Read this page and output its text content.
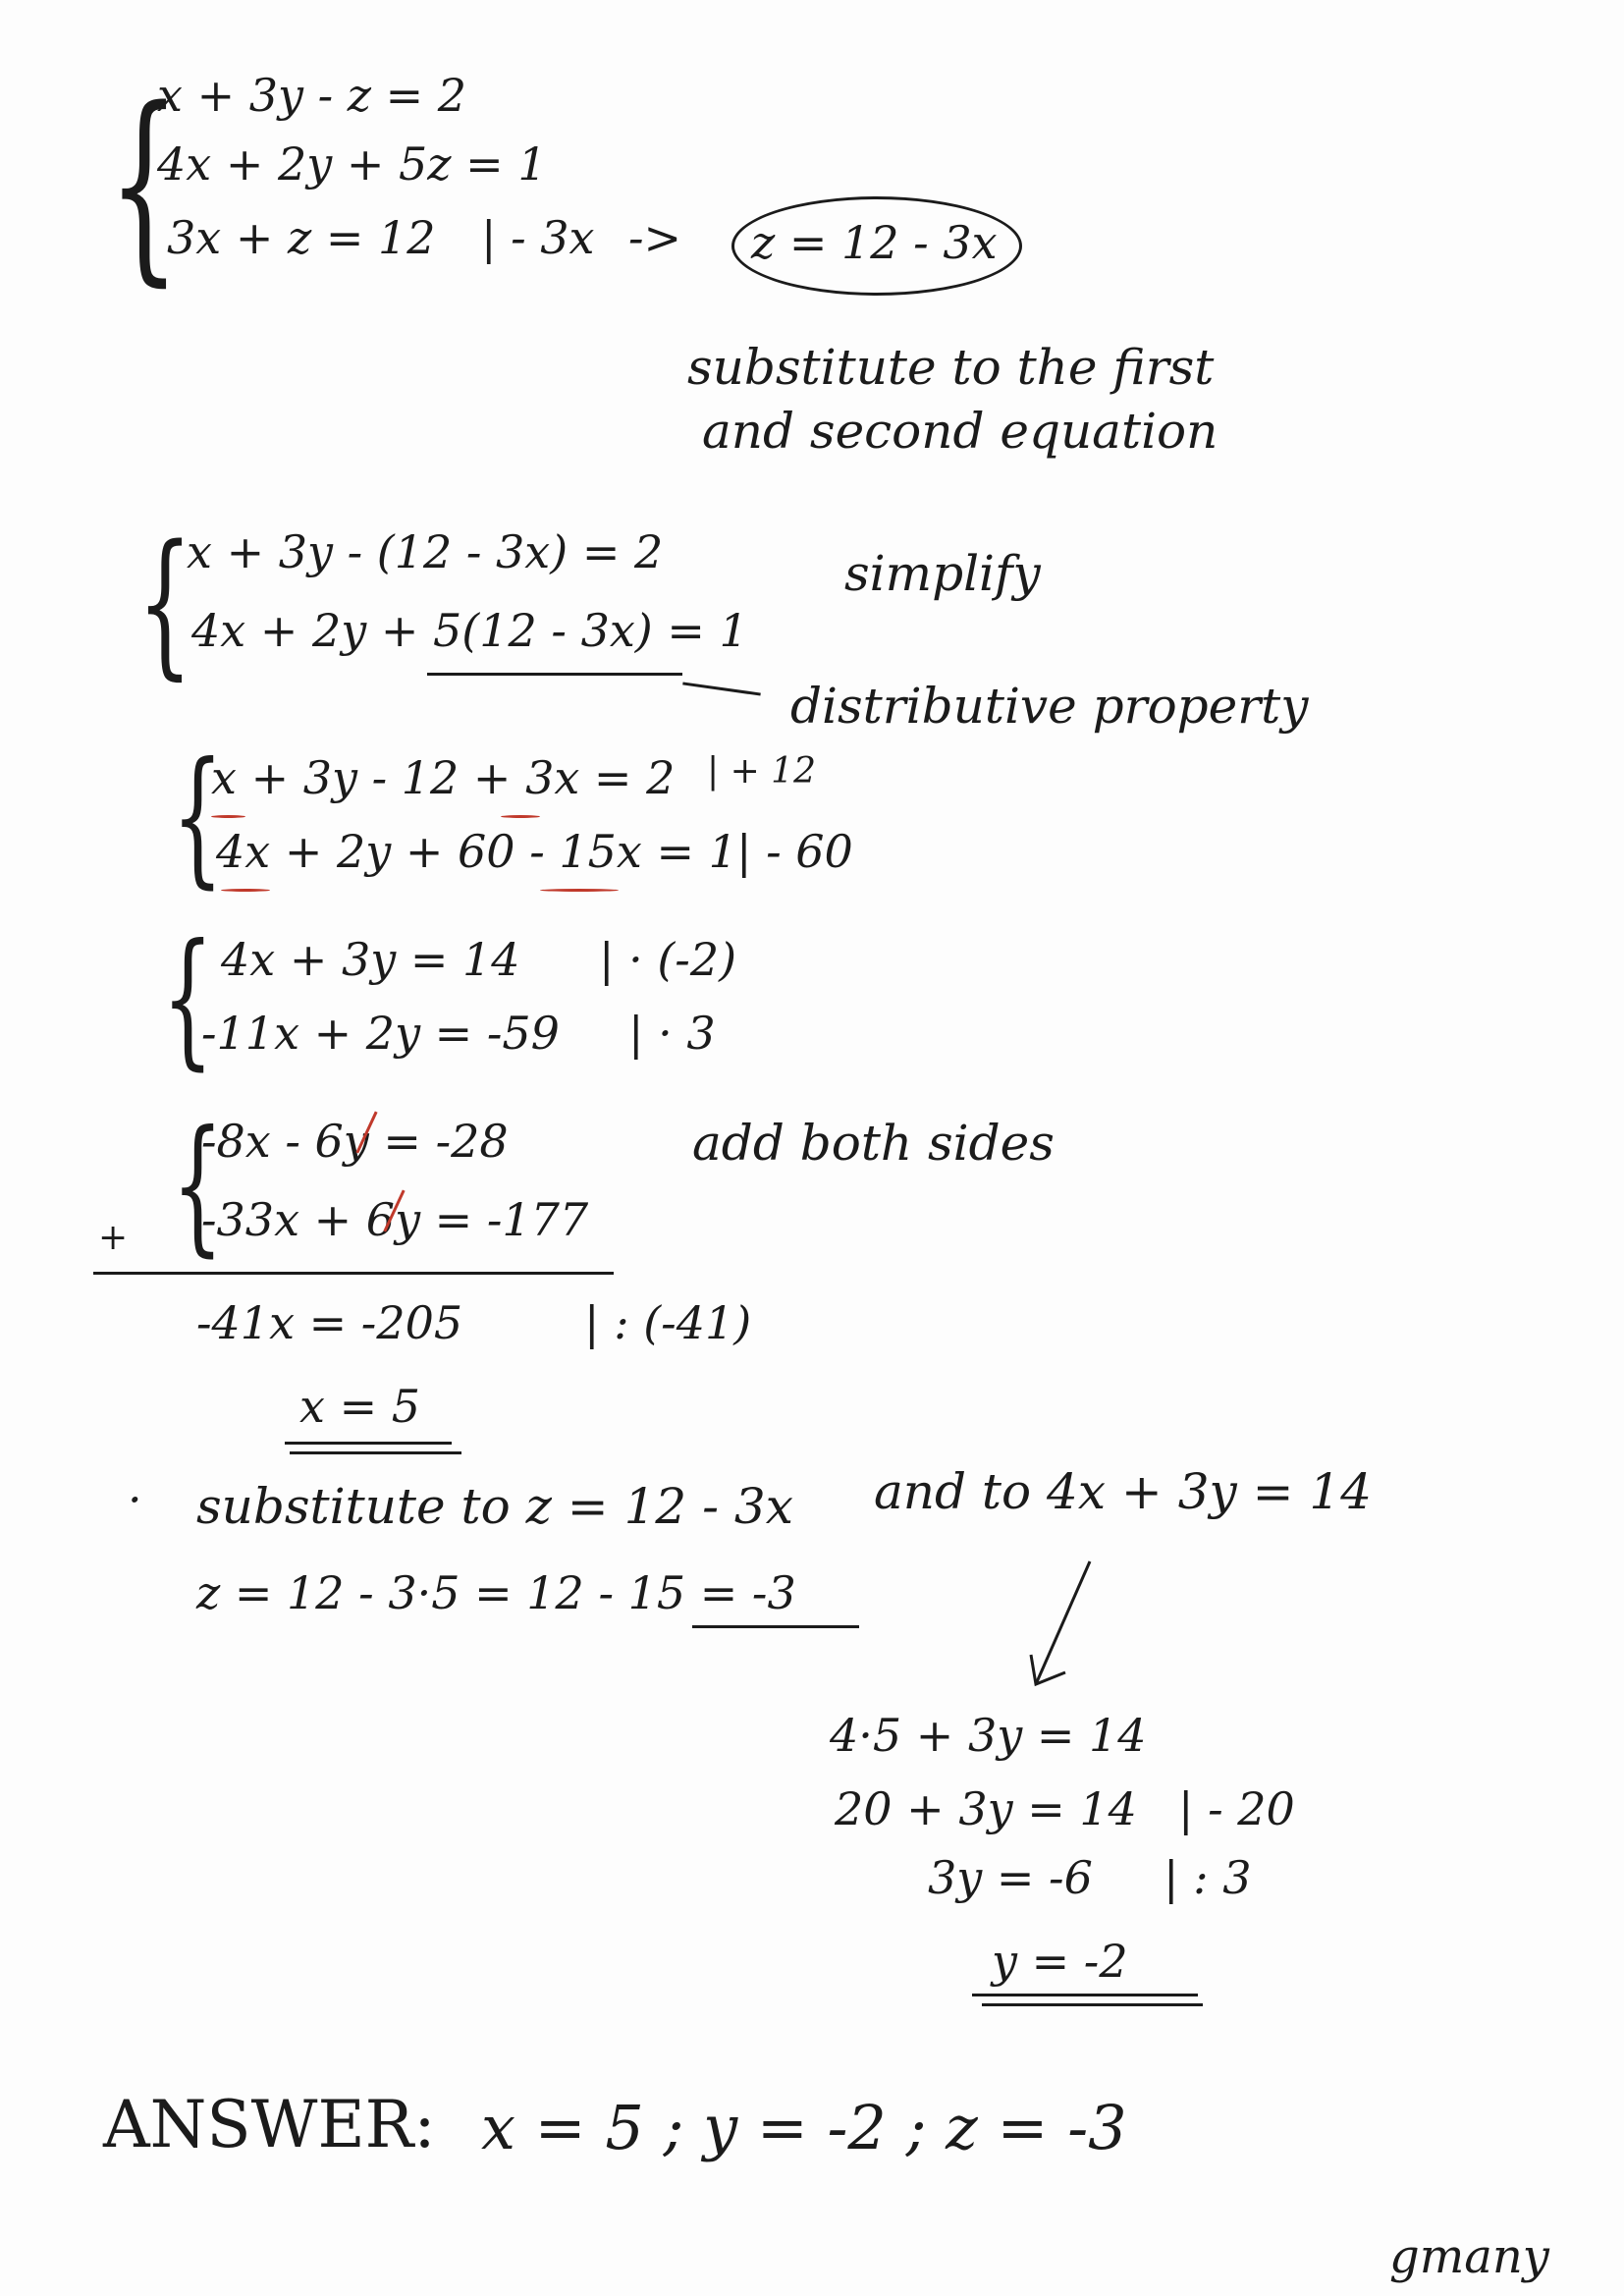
{
x + 3y - z = 2
4x + 2y + 5z = 1
3x + z = 12 | - 3x -> z = 12 - 3x
substitute to the first
and second equation
{
x + 3y - (12 - 3x) = 2
4x + 2y + 5(12 - 3x) = 1
simplify
distributive property
{
x + 3y - 12 + 3x = 2 | + 12
4x + 2y + 60 - 15x = 1 | - 60
{ 4x + 3y = 14 | · (-2)
-11x + 2y = -59 | · 3
{
-8x - 6y = -28
-33x + 6y = -177
+
add both sides
-41x = -205	| : (-41)
x = 5
· substitute to z = 12 - 3x and to 4x + 3y = 14
z = 12 - 3·5 = 12 - 15 = -3
4·5 + 3y = 14
20 + 3y = 14 | - 20
3y = -6 | : 3
y = -2
ANSWER: x = 5 ; y = -2 ; z = -3
gmany
